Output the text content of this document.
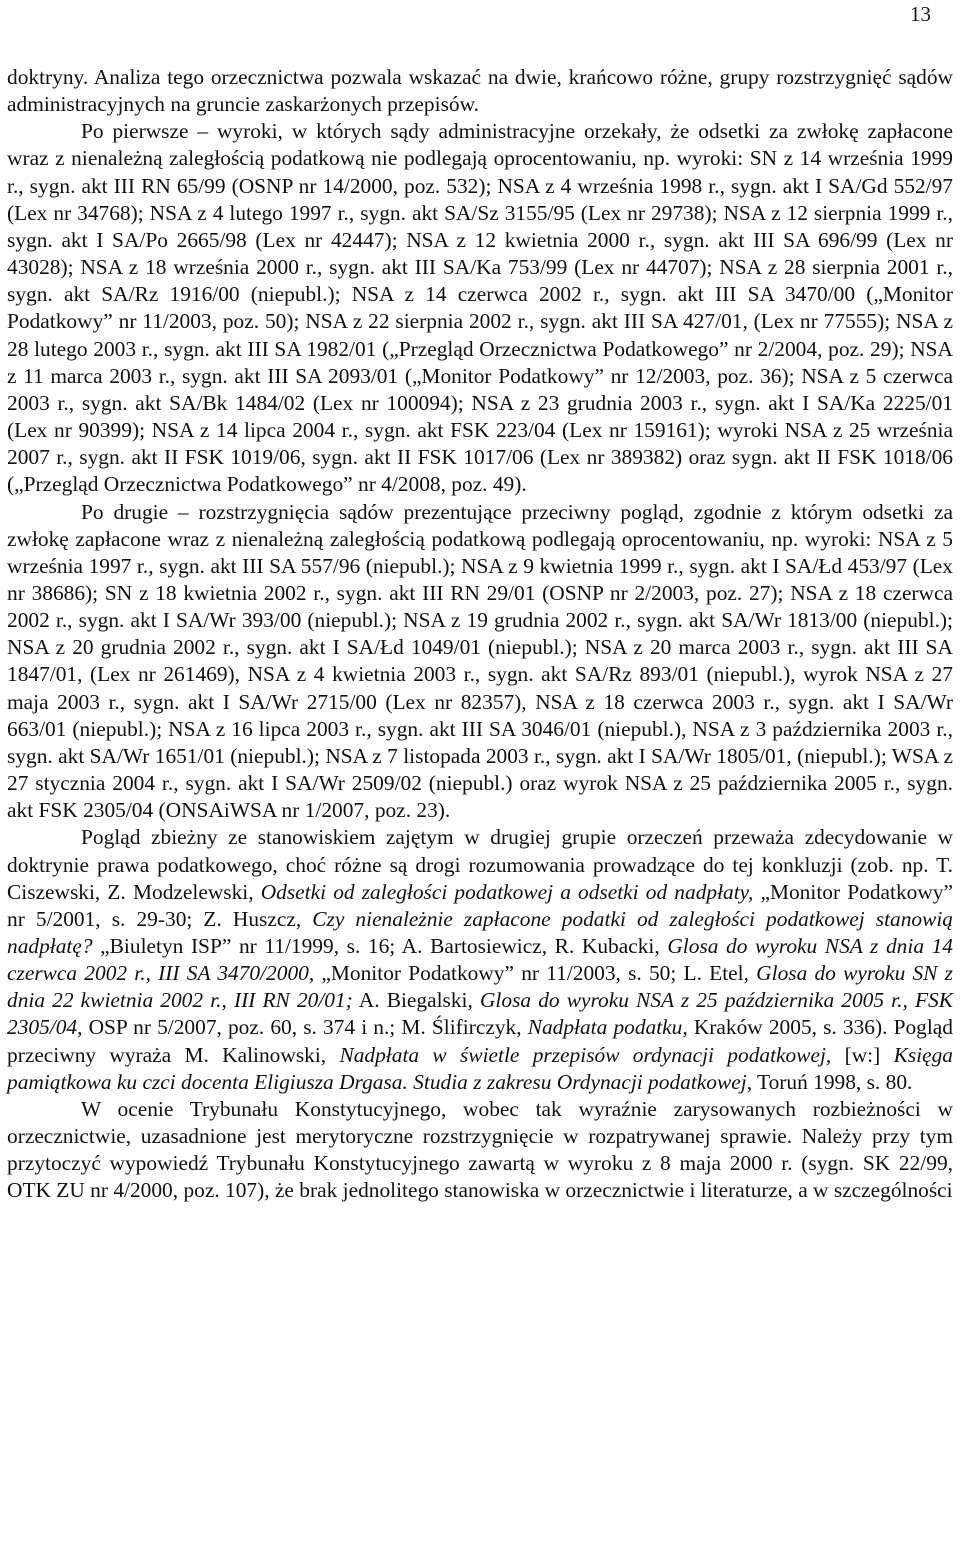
13

doktryny. Analiza tego orzecznictwa pozwala wskazać na dwie, krańcowo różne, grupy rozstrzygnięć sądów administracyjnych na gruncie zaskarżonych przepisów.

Po pierwsze – wyroki, w których sądy administracyjne orzekały, że odsetki za zwłokę zapłacone wraz z nienależną zaległością podatkową nie podlegają oprocentowaniu, np. wyroki: SN z 14 września 1999 r., sygn. akt III RN 65/99 (OSNP nr 14/2000, poz. 532); NSA z 4 września 1998 r., sygn. akt I SA/Gd 552/97 (Lex nr 34768); NSA z 4 lutego 1997 r., sygn. akt SA/Sz 3155/95 (Lex nr 29738); NSA z 12 sierpnia 1999 r., sygn. akt I SA/Po 2665/98 (Lex nr 42447); NSA z 12 kwietnia 2000 r., sygn. akt III SA 696/99 (Lex nr 43028); NSA z 18 września 2000 r., sygn. akt III SA/Ka 753/99 (Lex nr 44707); NSA z 28 sierpnia 2001 r., sygn. akt SA/Rz 1916/00 (niepubl.); NSA z 14 czerwca 2002 r., sygn. akt III SA 3470/00 („Monitor Podatkowy” nr 11/2003, poz. 50); NSA z 22 sierpnia 2002 r., sygn. akt III SA 427/01, (Lex nr 77555); NSA z 28 lutego 2003 r., sygn. akt III SA 1982/01 („Przegląd Orzecznictwa Podatkowego” nr 2/2004, poz. 29); NSA z 11 marca 2003 r., sygn. akt III SA 2093/01 („Monitor Podatkowy” nr 12/2003, poz. 36); NSA z 5 czerwca 2003 r., sygn. akt SA/Bk 1484/02 (Lex nr 100094); NSA z 23 grudnia 2003 r., sygn. akt I SA/Ka 2225/01 (Lex nr 90399); NSA z 14 lipca 2004 r., sygn. akt FSK 223/04 (Lex nr 159161); wyroki NSA z 25 września 2007 r., sygn. akt II FSK 1019/06, sygn. akt II FSK 1017/06 (Lex nr 389382) oraz sygn. akt II FSK 1018/06 („Przegląd Orzecznictwa Podatkowego” nr 4/2008, poz. 49).

Po drugie – rozstrzygnięcia sądów prezentujące przeciwny pogląd, zgodnie z którym odsetki za zwłokę zapłacone wraz z nienależną zaległością podatkową podlegają oprocentowaniu, np. wyroki: NSA z 5 września 1997 r., sygn. akt III SA 557/96 (niepubl.); NSA z 9 kwietnia 1999 r., sygn. akt I SA/Łd 453/97 (Lex nr 38686); SN z 18 kwietnia 2002 r., sygn. akt III RN 29/01 (OSNP nr 2/2003, poz. 27); NSA z 18 czerwca 2002 r., sygn. akt I SA/Wr 393/00 (niepubl.); NSA z 19 grudnia 2002 r., sygn. akt SA/Wr 1813/00 (niepubl.); NSA z 20 grudnia 2002 r., sygn. akt I SA/Łd 1049/01 (niepubl.); NSA z 20 marca 2003 r., sygn. akt III SA 1847/01, (Lex nr 261469), NSA z 4 kwietnia 2003 r., sygn. akt SA/Rz 893/01 (niepubl.), wyrok NSA z 27 maja 2003 r., sygn. akt I SA/Wr 2715/00 (Lex nr 82357), NSA z 18 czerwca 2003 r., sygn. akt I SA/Wr 663/01 (niepubl.); NSA z 16 lipca 2003 r., sygn. akt III SA 3046/01 (niepubl.), NSA z 3 października 2003 r., sygn. akt SA/Wr 1651/01 (niepubl.); NSA z 7 listopada 2003 r., sygn. akt I SA/Wr 1805/01, (niepubl.); WSA z 27 stycznia 2004 r., sygn. akt I SA/Wr 2509/02 (niepubl.) oraz wyrok NSA z 25 października 2005 r., sygn. akt FSK 2305/04 (ONSAiWSA nr 1/2007, poz. 23).

Pogląd zbieżny ze stanowiskiem zajętym w drugiej grupie orzeczeń przeważa zdecydowanie w doktrynie prawa podatkowego, choć różne są drogi rozumowania prowadzące do tej konkluzji (zob. np. T. Ciszewski, Z. Modzelewski, Odsetki od zaległości podatkowej a odsetki od nadpłaty, „Monitor Podatkowy” nr 5/2001, s. 29-30; Z. Huszcz, Czy nienależnie zapłacone podatki od zaległości podatkowej stanowią nadpłatę? „Biuletyn ISP” nr 11/1999, s. 16; A. Bartosiewicz, R. Kubacki, Glosa do wyroku NSA z dnia 14 czerwca 2002 r., III SA 3470/2000, „Monitor Podatkowy” nr 11/2003, s. 50; L. Etel, Glosa do wyroku SN z dnia 22 kwietnia 2002 r., III RN 20/01; A. Biegalski, Glosa do wyroku NSA z 25 października 2005 r., FSK 2305/04, OSP nr 5/2007, poz. 60, s. 374 i n.; M. Ślifirczyk, Nadpłata podatku, Kraków 2005, s. 336). Pogląd przeciwny wyraża M. Kalinowski, Nadpłata w świetle przepisów ordynacji podatkowej, [w:] Księga pamiątkowa ku czci docenta Eligiusza Drgasa. Studia z zakresu Ordynacji podatkowej, Toruń 1998, s. 80.

W ocenie Trybunału Konstytucyjnego, wobec tak wyraźnie zarysowanych rozbieżności w orzecznictwie, uzasadnione jest merytoryczne rozstrzygnięcie w rozpatrywanej sprawie. Należy przy tym przytoczyć wypowiedź Trybunału Konstytucyjnego zawartą w wyroku z 8 maja 2000 r. (sygn. SK 22/99, OTK ZU nr 4/2000, poz. 107), że brak jednolitego stanowiska w orzecznictwie i literaturze, a w szczególności
